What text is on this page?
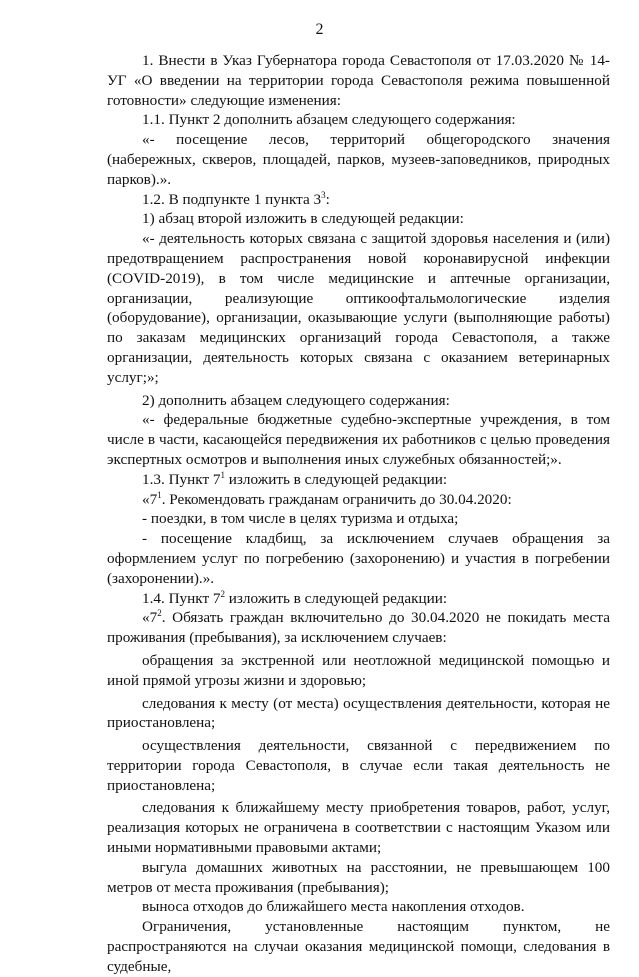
2

1. Внести в Указ Губернатора города Севастополя от 17.03.2020 № 14-УГ «О введении на территории города Севастополя режима повышенной готовности» следующие изменения:

1.1. Пункт 2 дополнить абзацем следующего содержания:

«- посещение лесов, территорий общегородского значения (набережных, скверов, площадей, парков, музеев-заповедников, природных парков).».

1.2. В подпункте 1 пункта $3^3$:

1) абзац второй изложить в следующей редакции:

«- деятельность которых связана с защитой здоровья населения и (или) предотвращением распространения новой коронавирусной инфекции (COVID-2019), в том числе медицинские и аптечные организации, организации, реализующие оптикоофтальмологические изделия (оборудование), организации, оказывающие услуги (выполняющие работы) по заказам медицинских организаций города Севастополя, а также организации, деятельность которых связана с оказанием ветеринарных услуг;»;

2) дополнить абзацем следующего содержания:

«- федеральные бюджетные судебно-экспертные учреждения, в том числе в части, касающейся передвижения их работников с целью проведения экспертных осмотров и выполнения иных служебных обязанностей;».

1.3. Пункт $7^1$ изложить в следующей редакции:

«$7^1$. Рекомендовать гражданам ограничить до 30.04.2020:

- поездки, в том числе в целях туризма и отдыха;

- посещение кладбищ, за исключением случаев обращения за оформлением услуг по погребению (захоронению) и участия в погребении (захоронении).».

1.4. Пункт $7^2$ изложить в следующей редакции:

«$7^2$. Обязать граждан включительно до 30.04.2020 не покидать места проживания (пребывания), за исключением случаев:

обращения за экстренной или неотложной медицинской помощью и иной прямой угрозы жизни и здоровью;

следования к месту (от места) осуществления деятельности, которая не приостановлена;

осуществления деятельности, связанной с передвижением по территории города Севастополя, в случае если такая деятельность не приостановлена;

следования к ближайшему месту приобретения товаров, работ, услуг, реализация которых не ограничена в соответствии с настоящим Указом или иными нормативными правовыми актами;

выгула домашних животных на расстоянии, не превышающем 100 метров от места проживания (пребывания);

выноса отходов до ближайшего места накопления отходов.

Ограничения, установленные настоящим пунктом, не распространяются на случаи оказания медицинской помощи, следования в судебные,
